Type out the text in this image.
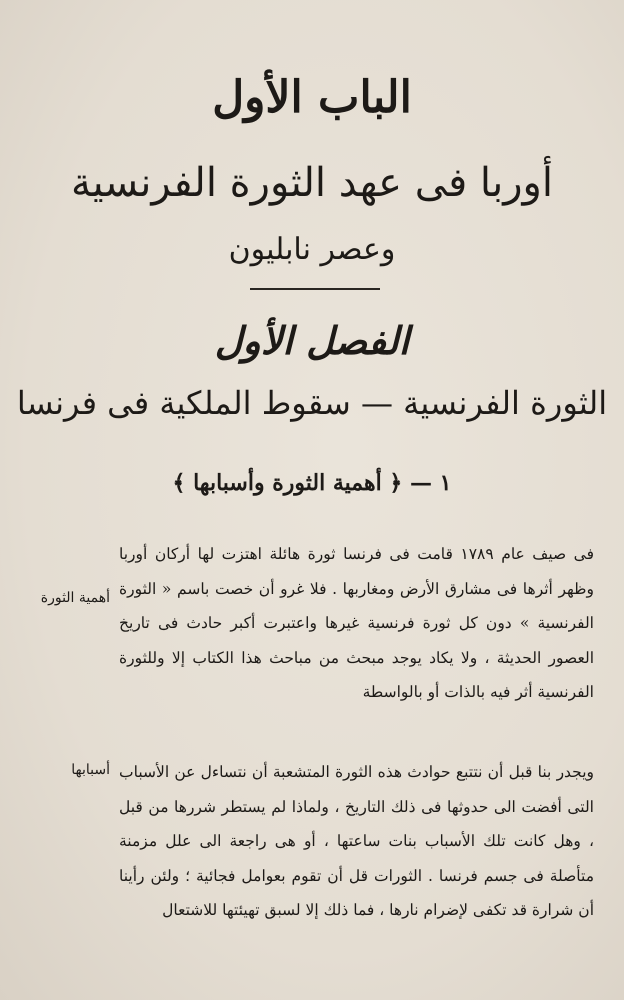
الباب الأول
أوربا فى عهد الثورة الفرنسية
وعصر نابليون
الفصل الأول
الثورة الفرنسية — سقوط الملكية فى فرنسا
١ — ﴿ أهمية الثورة وأسبابها ﴾
فى صيف عام ١٧٨٩ قامت فى فرنسا ثورة هائلة اهتزت لها أركان أوربا وظهر أثرها فى مشارق الأرض ومغاربها . فلا غرو أن خصت باسم « الثورة الفرنسية » دون كل ثورة فرنسية غيرها واعتبرت أكبر حادث فى تاريخ العصور الحديثة ، ولا يكاد يوجد مبحث من مباحث هذا الكتاب إلا وللثورة الفرنسية أثر فيه بالذات أو بالواسطة
أهمية الثورة
ويجدر بنا قبل أن نتتبع حوادث هذه الثورة المتشعبة أن نتساءل عن الأسباب التى أفضت الى حدوثها فى ذلك التاريخ ، ولماذا لم يستطر شررها من قبل ، وهل كانت تلك الأسباب بنات ساعتها ، أو هى راجعة الى علل مزمنة متأصلة فى جسم فرنسا . الثورات قل أن تقوم بعوامل فجائية ؛ ولئن رأينا أن شرارة قد تكفى لإضرام نارها ، فما ذلك إلا لسبق تهيئتها للاشتعال
أسبابها
